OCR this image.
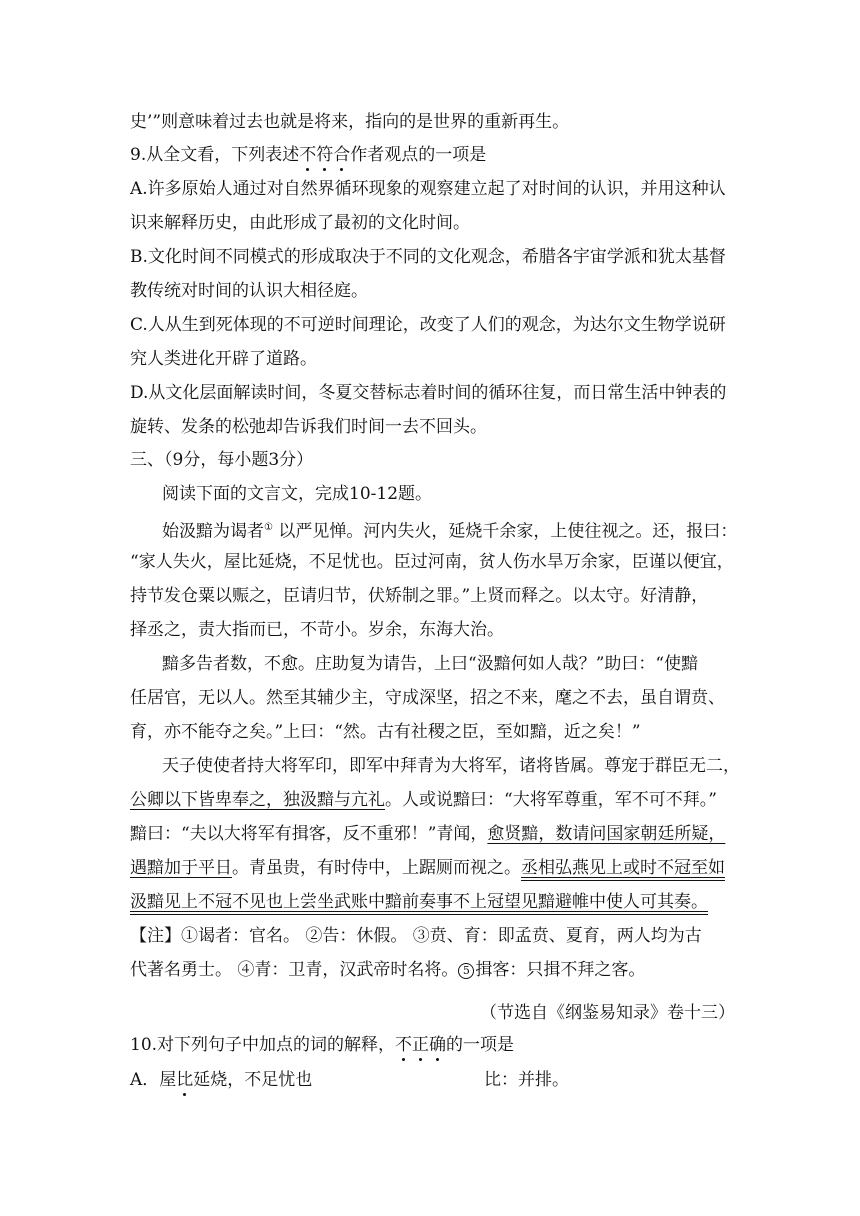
史’”则意味着过去也就是将来，指向的是世界的重新再生。
9.从全文看，下列表述不符合作者观点的一项是
A.许多原始人通过对自然界循环现象的观察建立起了对时间的认识，并用这种认
识来解释历史，由此形成了最初的文化时间。
B.文化时间不同模式的形成取决于不同的文化观念，希腊各宇宙学派和犹太基督
教传统对时间的认识大相径庭。
C.人从生到死体现的不可逆时间理论，改变了人们的观念，为达尔文生物学说研
究人类进化开辟了道路。
D.从文化层面解读时间，冬夏交替标志着时间的循环往复，而日常生活中钟表的
旋转、发条的松弛却告诉我们时间一去不回头。
三、（9分，每小题3分）
阅读下面的文言文，完成10-12题。
始汲黯为谒者① 以严见惮。河内失火，延烧千余家，上使往视之。还，报曰：
“家人失火，屋比延烧，不足忧也。臣过河南，贫人伤水旱万余家，臣谨以便宜，
持节发仓粟以赈之，臣请归节，伏矫制之罪。”上贤而释之。以太守。好清静，
择丞之，责大指而已，不苛小。岁余，东海大治。
黯多告者数，不愈。庄助复为请告，上曰“汲黯何如人哉？”助曰：“使黯
任居官，无以人。然至其辅少主，守成深坚，招之不来，麾之不去，虽自谓贲、
育，亦不能夺之矣。”上曰：“然。古有社稷之臣，至如黯，近之矣！”
天子使使者持大将军印，即军中拜青为大将军，诸将皆属。尊宠于群臣无二，
公卿以下皆卑奉之，独汲黯与亢礼。人或说黯曰：“大将军尊重，军不可不拜。”
黯曰：“夫以大将军有揖客，反不重邪！”青闻，愈贤黯，数请问国家朝廷所疑，
遇黯加于平日。青虽贵，有时侍中，上踞厕而视之。丞相弘燕见上或时不冠至如
汲黯见上不冠不见也上尝坐武账中黯前奏事不上冠望见黯避帷中使人可其奏。
【注】①谒者：官名。 ②告：休假。 ③贲、育：即孟贲、夏育，两人均为古
代著名勇士。 ④青：卫青，汉武帝时名将。 5 揖客：只揖不拜之客。
（节选自《纲鉴易知录》卷十三）
10.对下列句子中加点的词的解释，不正确的一项是
A．屋比延烧，不足忧也	比：并排。
